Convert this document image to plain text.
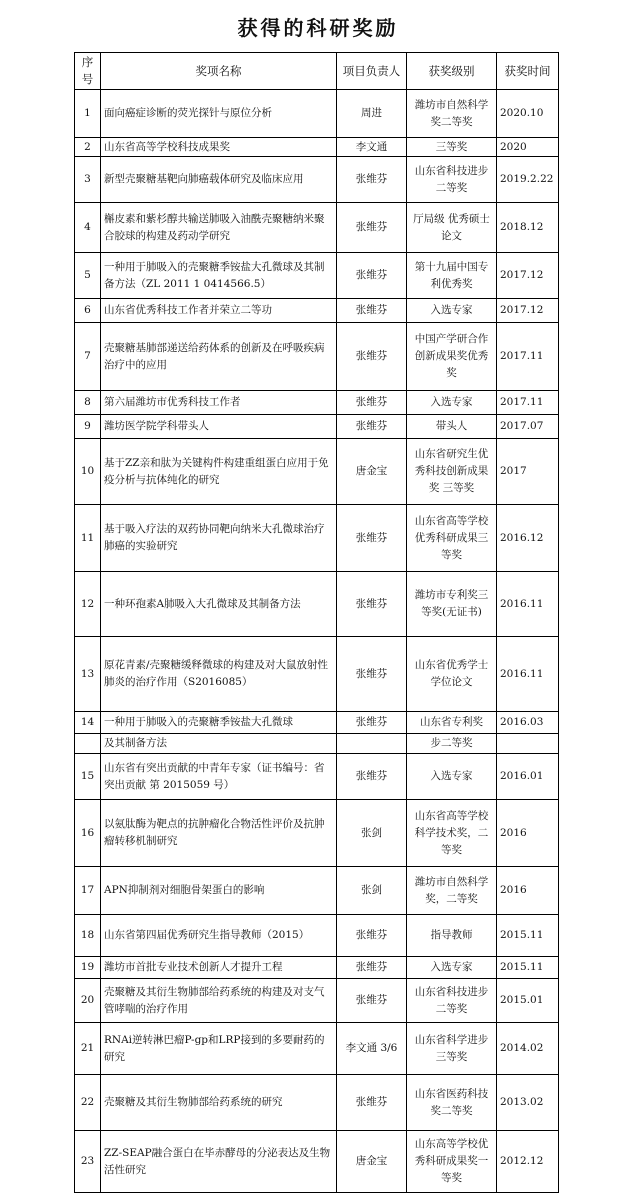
获得的科研奖励
序号	奖项名称	项目负责人	获奖级别	获奖时间
1	面向癌症诊断的荧光探针与原位分析	周进	潍坊市自然科学奖二等奖	2020.10
2	山东省高等学校科技成果奖	李文通	三等奖	2020
3	新型壳聚糖基靶向肺癌载体研究及临床应用	张维芬	山东省科技进步二等奖	2019.2.22
4	槲皮素和紫杉醇共输送肺吸入油酰壳聚糖纳米聚合胶球的构建及药动学研究	张维芬	厅局级 优秀硕士论文	2018.12
5	一种用于肺吸入的壳聚糖季铵盐大孔微球及其制备方法（ZL 2011 1 0414566.5）	张维芬	第十九届中国专利优秀奖	2017.12
6	山东省优秀科技工作者并荣立二等功	张维芬	入选专家	2017.12
7	壳聚糖基肺部递送给药体系的创新及在呼吸疾病治疗中的应用	张维芬	中国产学研合作创新成果奖优秀奖	2017.11
8	第六届潍坊市优秀科技工作者	张维芬	入选专家	2017.11
9	潍坊医学院学科带头人	张维芬	带头人	2017.07
10	基于ZZ亲和肽为关键构件构建重组蛋白应用于免疫分析与抗体纯化的研究	唐金宝	山东省研究生优秀科技创新成果奖 三等奖	2017
11	基于吸入疗法的双药协同靶向纳米大孔微球治疗肺癌的实验研究	张维芬	山东省高等学校优秀科研成果三等奖	2016.12
12	一种环孢素A肺吸入大孔微球及其制备方法	张维芬	潍坊市专利奖三等奖(无证书)	2016.11
13	原花青素/壳聚糖缓释微球的构建及对大鼠放射性肺炎的治疗作用（S2016085）	张维芬	山东省优秀学士学位论文	2016.11
14	一种用于肺吸入的壳聚糖季铵盐大孔微球	张维芬	山东省专利奖	2016.03
	及其制备方法		步二等奖	
15	山东省有突出贡献的中青年专家（证书编号：省突出贡献 第 2015059 号）	张维芬	入选专家	2016.01
16	以氨肽酶为靶点的抗肿瘤化合物活性评价及抗肿瘤转移机制研究	张剑	山东省高等学校科学技术奖，二等奖	2016
17	APN抑制剂对细胞骨架蛋白的影响	张剑	潍坊市自然科学奖，二等奖	2016
18	山东省第四届优秀研究生指导教师（2015）	张维芬	指导教师	2015.11
19	潍坊市首批专业技术创新人才提升工程	张维芬	入选专家	2015.11
20	壳聚糖及其衍生物肺部给药系统的构建及对支气管哮喘的治疗作用	张维芬	山东省科技进步二等奖	2015.01
21	RNAi逆转淋巴瘤P-gp和LRP接到的多要耐药的研究	李文通 3/6	山东省科学进步三等奖	2014.02
22	壳聚糖及其衍生物肺部给药系统的研究	张维芬	山东省医药科技奖二等奖	2013.02
23	ZZ-SEAP融合蛋白在毕赤酵母的分泌表达及生物活性研究	唐金宝	山东高等学校优秀科研成果奖一等奖	2012.12
